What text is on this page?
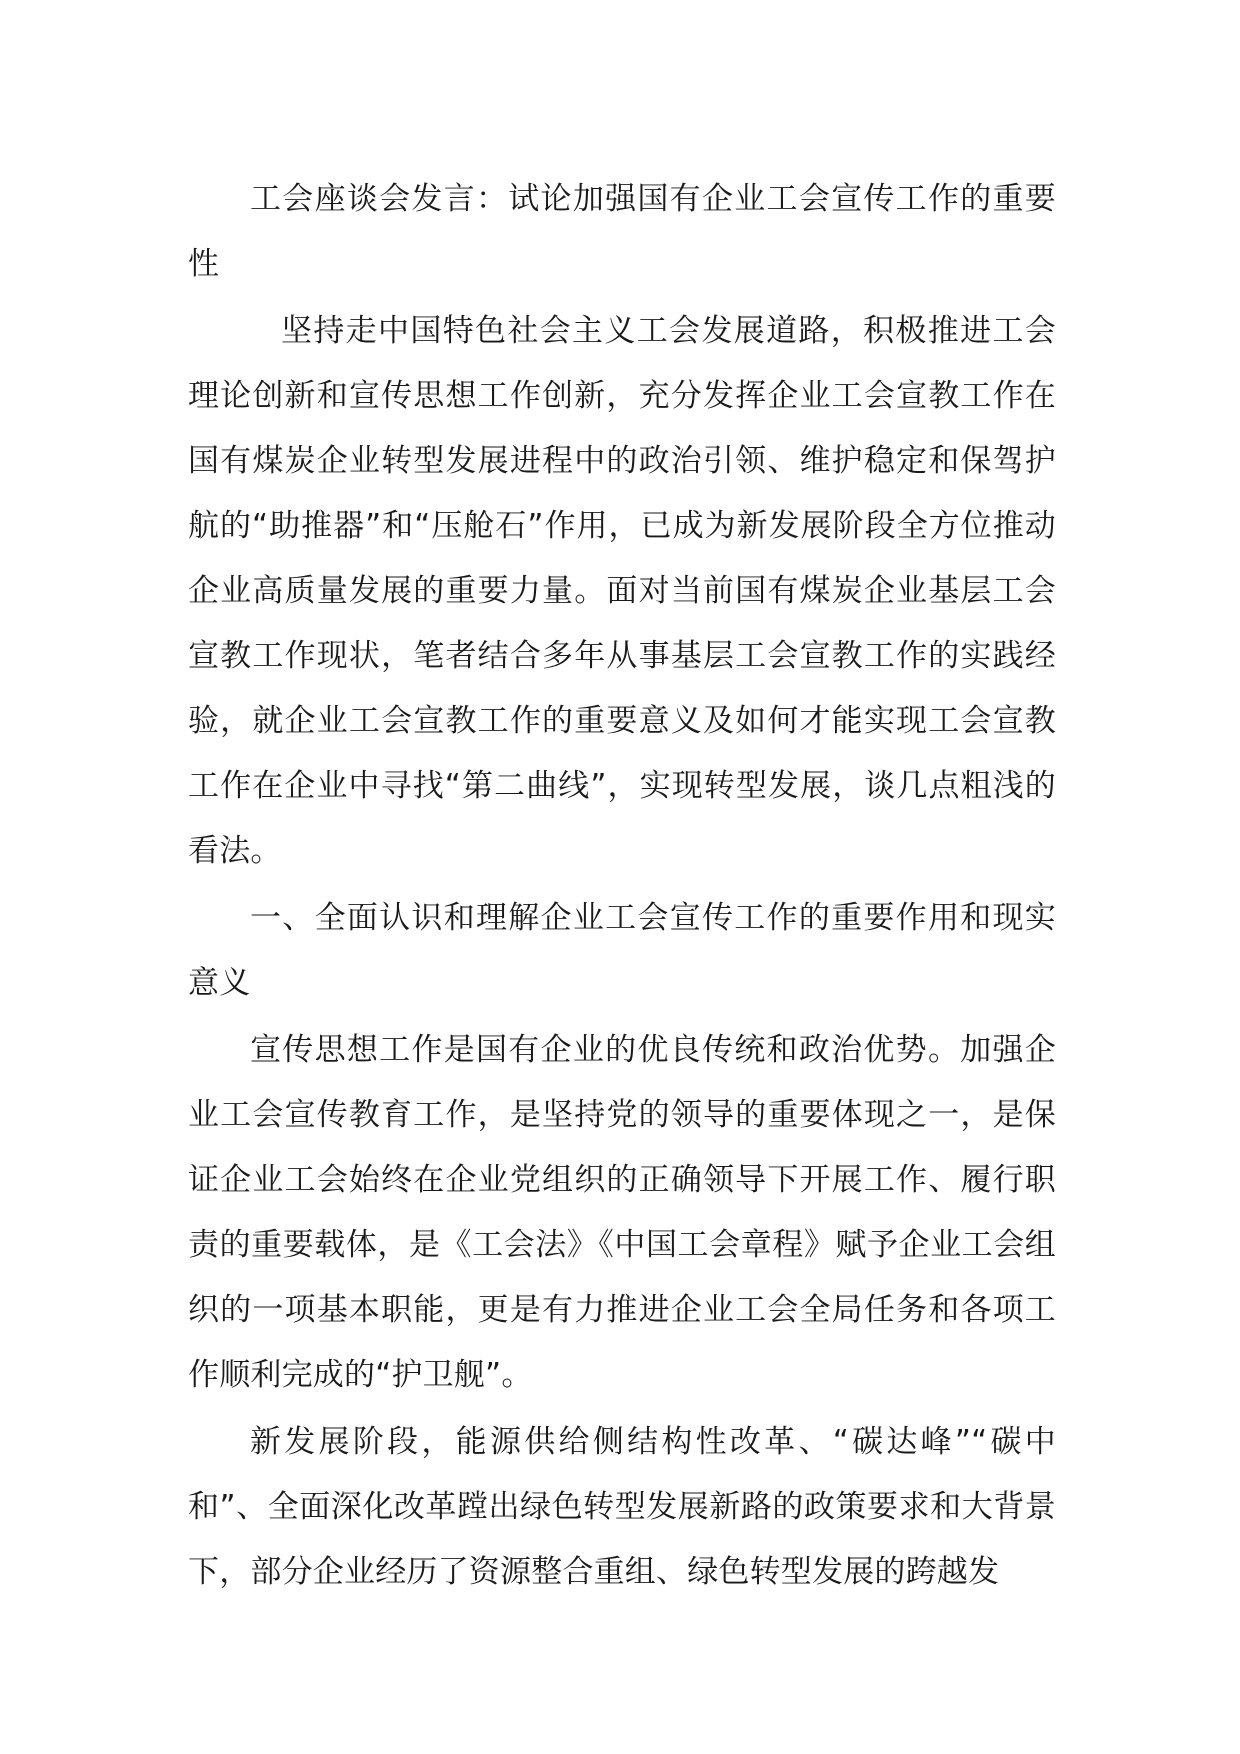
工会座谈会发言：试论加强国有企业工会宣传工作的重要性

坚持走中国特色社会主义工会发展道路，积极推进工会理论创新和宣传思想工作创新，充分发挥企业工会宣教工作在国有煤炭企业转型发展进程中的政治引领、维护稳定和保驾护航的“助推器”和“压舱石”作用，已成为新发展阶段全方位推动企业高质量发展的重要力量。面对当前国有煤炭企业基层工会宣教工作现状，笔者结合多年从事基层工会宣教工作的实践经验，就企业工会宣教工作的重要意义及如何才能实现工会宣教工作在企业中寻找“第二曲线”，实现转型发展，谈几点粗浅的看法。

一、全面认识和理解企业工会宣传工作的重要作用和现实意义

宣传思想工作是国有企业的优良传统和政治优势。加强企业工会宣传教育工作，是坚持党的领导的重要体现之一，是保证企业工会始终在企业党组织的正确领导下开展工作、履行职责的重要载体，是《工会法》《中国工会章程》赋予企业工会组织的一项基本职能，更是有力推进企业工会全局任务和各项工作顺利完成的“护卫舰”。

新发展阶段，能源供给侧结构性改革、“碳达峰”“碳中和”、全面深化改革蹚出绿色转型发展新路的政策要求和大背景下，部分企业经历了资源整合重组、绿色转型发展的跨越发
